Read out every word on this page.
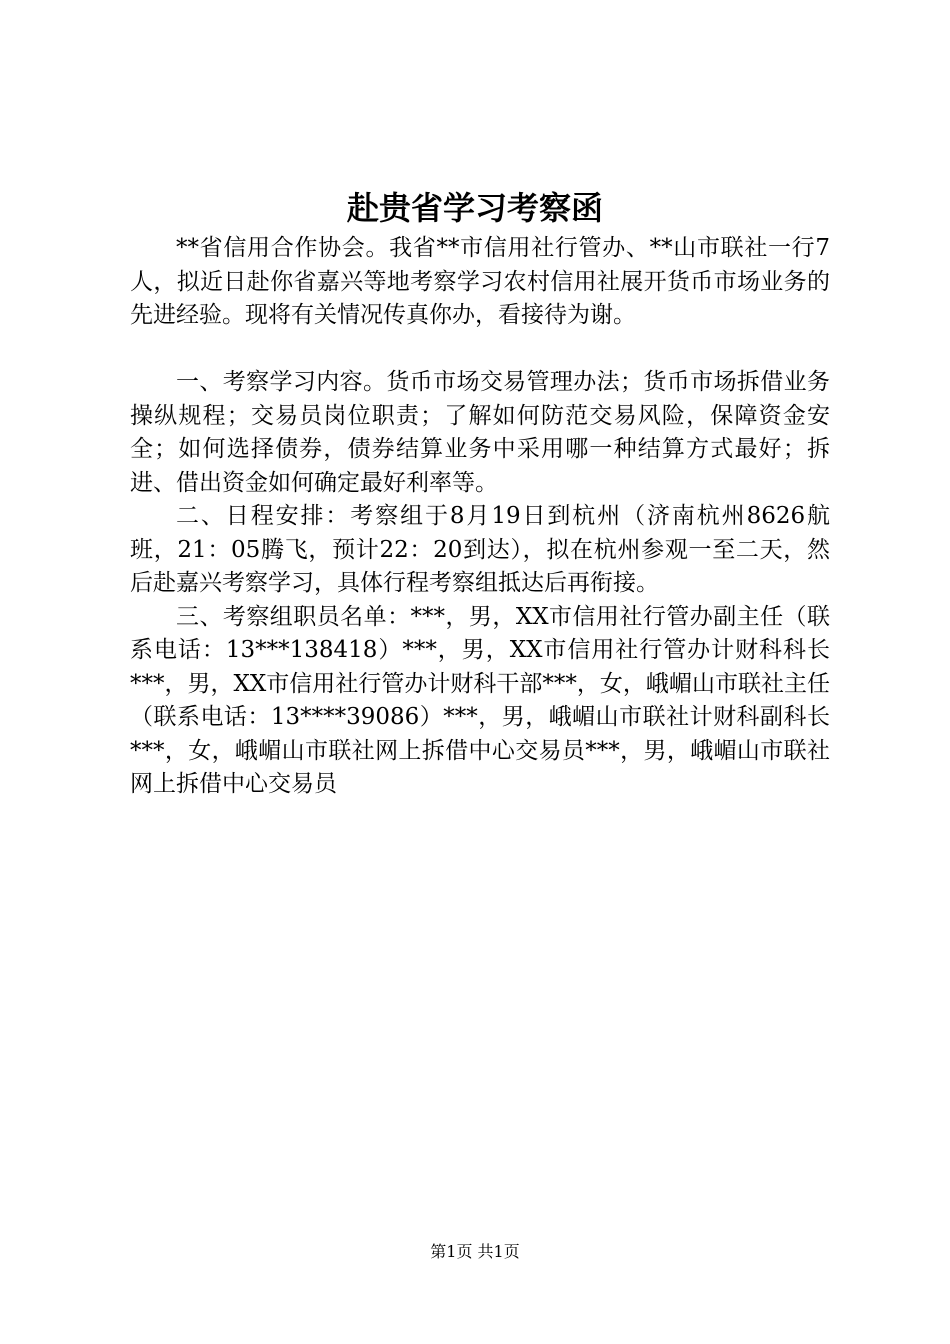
赴贵省学习考察函

**省信用合作协会。我省**市信用社行管办、**山市联社一行7人，拟近日赴你省嘉兴等地考察学习农村信用社展开货币市场业务的先进经验。现将有关情况传真你办，看接待为谢。

一、考察学习内容。货币市场交易管理办法；货币市场拆借业务操纵规程；交易员岗位职责；了解如何防范交易风险，保障资金安全；如何选择债券，债券结算业务中采用哪一种结算方式最好；拆进、借出资金如何确定最好利率等。

二、日程安排：考察组于8月19日到杭州（济南杭州8626航班，21：05腾飞，预计22：20到达），拟在杭州参观一至二天，然后赴嘉兴考察学习，具体行程考察组抵达后再衔接。

三、考察组职员名单：***，男，XX市信用社行管办副主任（联系电话：13***138418）***，男，XX市信用社行管办计财科科长***，男，XX市信用社行管办计财科干部***，女，峨嵋山市联社主任（联系电话：13****39086）***，男，峨嵋山市联社计财科副科长***，女，峨嵋山市联社网上拆借中心交易员***，男，峨嵋山市联社网上拆借中心交易员

第1页 共1页
